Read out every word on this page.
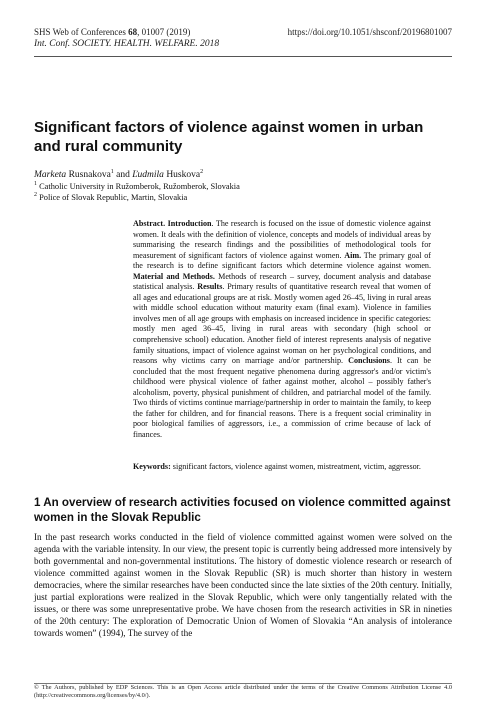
SHS Web of Conferences 68, 01007 (2019)	https://doi.org/10.1051/shsconf/20196801007
Int. Conf. SOCIETY. HEALTH. WELFARE. 2018
Significant factors of violence against women in urban and rural community
Marketa Rusnakova$^1$ and Ľudmila Huskova$^2$
$^1$ Catholic University in Ružomberok, Ružomberok, Slovakia
$^2$ Police of Slovak Republic, Martin, Slovakia
Abstract. Introduction. The research is focused on the issue of domestic violence against women. It deals with the definition of violence, concepts and models of individual areas by summarising the research findings and the possibilities of methodological tools for measurement of significant factors of violence against women. Aim. The primary goal of the research is to define significant factors which determine violence against women. Material and Methods. Methods of research – survey, document analysis and database statistical analysis. Results. Primary results of quantitative research reveal that women of all ages and educational groups are at risk. Mostly women aged 26–45, living in rural areas with middle school education without maturity exam (final exam). Violence in families involves men of all age groups with emphasis on increased incidence in specific categories: mostly men aged 36–45, living in rural areas with secondary (high school or comprehensive school) education. Another field of interest represents analysis of negative family situations, impact of violence against woman on her psychological conditions, and reasons why victims carry on marriage and/or partnership. Conclusions. It can be concluded that the most frequent negative phenomena during aggressor's and/or victim's childhood were physical violence of father against mother, alcohol – possibly father's alcoholism, poverty, physical punishment of children, and patriarchal model of the family. Two thirds of victims continue marriage/partnership in order to maintain the family, to keep the father for children, and for financial reasons. There is a frequent social criminality in poor biological families of aggressors, i.e., a commission of crime because of lack of finances.
Keywords: significant factors, violence against women, mistreatment, victim, aggressor.
1 An overview of research activities focused on violence committed against women in the Slovak Republic

In the past research works conducted in the field of violence committed against women were solved on the agenda with the variable intensity. In our view, the present topic is currently being addressed more intensively by both governmental and non-governmental institutions. The history of domestic violence research or research of violence committed against women in the Slovak Republic (SR) is much shorter than history in western democracies, where the similar researches have been conducted since the late sixties of the 20th century. Initially, just partial explorations were realized in the Slovak Republic, which were only tangentially related with the issues, or there was some unrepresentative probe. We have chosen from the research activities in SR in nineties of the 20th century: The exploration of Democratic Union of Women of Slovakia “An analysis of intolerance towards women” (1994), The survey of the

© The Authors, published by EDP Sciences. This is an Open Access article distributed under the terms of the Creative Commons Attribution License 4.0 (http://creativecommons.org/licenses/by/4.0/).
